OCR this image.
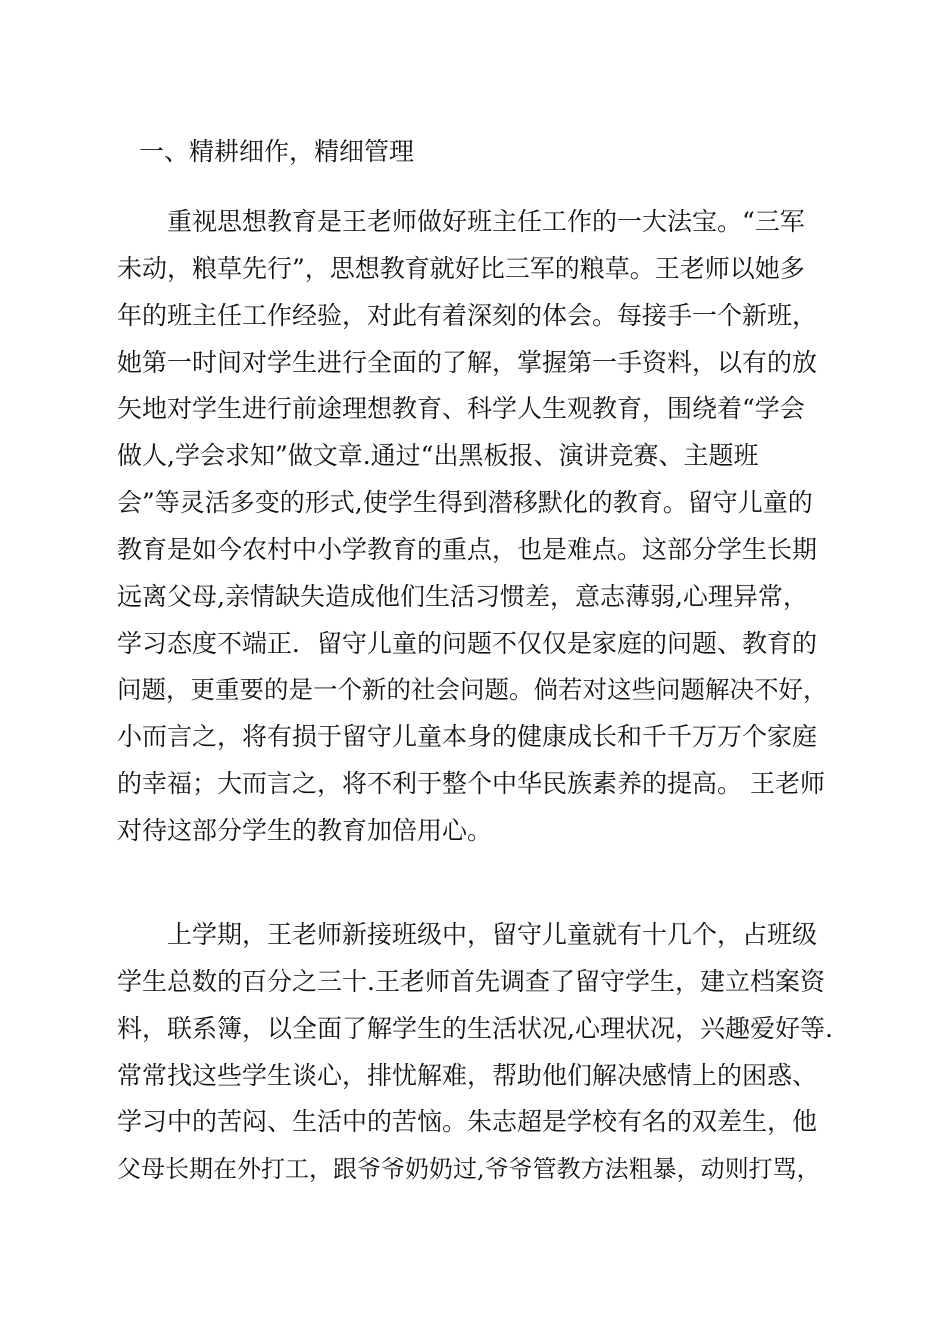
一、精耕细作，精细管理
重视思想教育是王老师做好班主任工作的一大法宝。“三军
未动，粮草先行”，思想教育就好比三军的粮草。王老师以她多
年的班主任工作经验，对此有着深刻的体会。每接手一个新班，
她第一时间对学生进行全面的了解，掌握第一手资料，以有的放
矢地对学生进行前途理想教育、科学人生观教育，围绕着“学会
做人,学会求知”做文章.通过“出黑板报、演讲竞赛、主题班
会”等灵活多变的形式,使学生得到潜移默化的教育。留守儿童的
教育是如今农村中小学教育的重点，也是难点。这部分学生长期
远离父母,亲情缺失造成他们生活习惯差，意志薄弱,心理异常，
学习态度不端正．留守儿童的问题不仅仅是家庭的问题、教育的
问题，更重要的是一个新的社会问题。倘若对这些问题解决不好，
小而言之，将有损于留守儿童本身的健康成长和千千万万个家庭
的幸福；大而言之，将不利于整个中华民族素养的提高。 王老师
对待这部分学生的教育加倍用心。
上学期，王老师新接班级中，留守儿童就有十几个，占班级
学生总数的百分之三十.王老师首先调查了留守学生，建立档案资
料，联系簿，以全面了解学生的生活状况,心理状况，兴趣爱好等.
常常找这些学生谈心，排忧解难，帮助他们解决感情上的困惑、
学习中的苦闷、生活中的苦恼。朱志超是学校有名的双差生，他
父母长期在外打工，跟爷爷奶奶过,爷爷管教方法粗暴，动则打骂，
